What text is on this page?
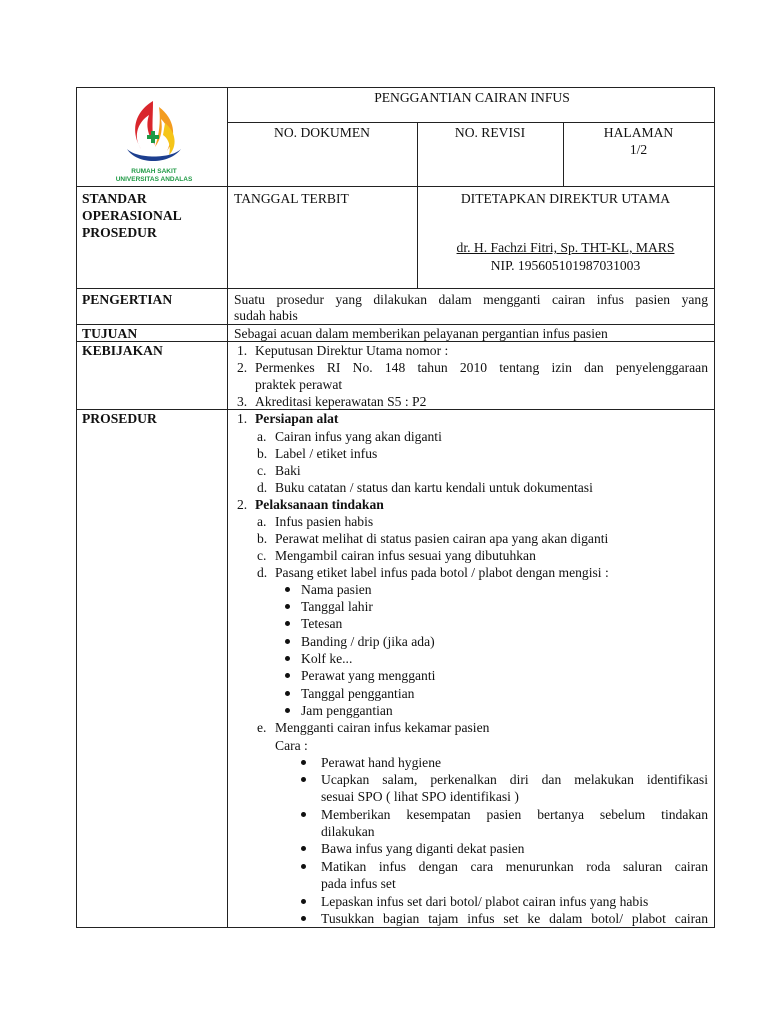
RUMAH SAKIT
UNIVERSITAS ANDALAS
PENGGANTIAN CAIRAN INFUS
NO. DOKUMEN	NO. REVISI	HALAMAN
1/2
STANDAR
OPERASIONAL
PROSEDUR
TANGGAL TERBIT	DITETAPKAN DIREKTUR UTAMA
dr. H. Fachzi Fitri, Sp. THT-KL, MARS
NIP. 195605101987031003
PENGERTIAN	Suatu prosedur yang dilakukan dalam mengganti cairan infus pasien yang
sudah habis
TUJUAN	Sebagai acuan dalam memberikan pelayanan pergantian infus pasien
KEBIJAKAN	1. Keputusan Direktur Utama nomor :
2. Permenkes RI No. 148 tahun 2010 tentang izin dan penyelenggaraan
praktek perawat
3. Akreditasi keperawatan S5 : P2
PROSEDUR	1. Persiapan alat
a. Cairan infus yang akan diganti
b. Label / etiket infus
c. Baki
d. Buku catatan / status dan kartu kendali untuk dokumentasi
2. Pelaksanaan tindakan
a. Infus pasien habis
b. Perawat melihat di status pasien cairan apa yang akan diganti
c. Mengambil cairan infus sesuai yang dibutuhkan
d. Pasang etiket label infus pada botol / plabot dengan mengisi :
Nama pasien
Tanggal lahir
Tetesan
Banding / drip (jika ada)
Kolf ke...
Perawat yang mengganti
Tanggal penggantian
Jam penggantian
e. Mengganti cairan infus kekamar pasien
Cara :
Perawat hand hygiene
Ucapkan salam, perkenalkan diri dan melakukan identifikasi
sesuai SPO ( lihat SPO identifikasi )
Memberikan kesempatan pasien bertanya sebelum tindakan
dilakukan
Bawa infus yang diganti dekat pasien
Matikan infus dengan cara menurunkan roda saluran cairan
pada infus set
Lepaskan infus set dari botol/ plabot cairan infus yang habis
Tusukkan bagian tajam infus set ke dalam botol/ plabot cairan
